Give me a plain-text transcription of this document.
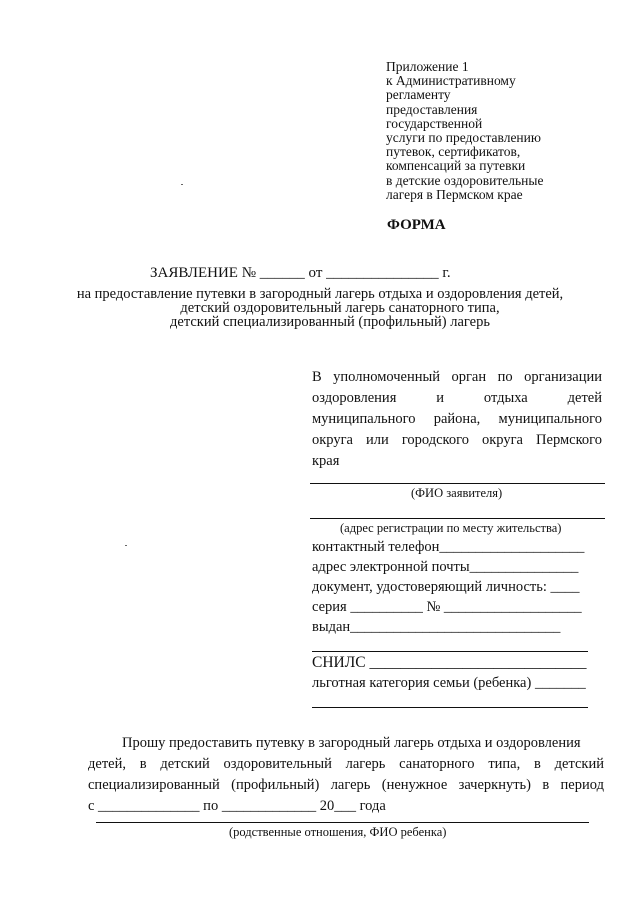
Приложение 1
к Административному
регламенту
предоставления
государственной
услуги по предоставлению
путевок, сертификатов,
компенсаций за путевки
в детские оздоровительные
лагеря в Пермском крае
ФОРМА
ЗАЯВЛЕНИЕ № ______ от _______________ г.
на предоставление путевки в загородный лагерь отдыха и оздоровления детей,
детский оздоровительный лагерь санаторного типа,
детский специализированный (профильный) лагерь
В уполномоченный орган по организации
оздоровления	и	отдыха	детей
муниципального района, муниципального
округа или городского округа Пермского
края
(ФИО заявителя)
(адрес регистрации по месту жительства)
контактный телефон____________________
адрес электронной почты_______________
документ, удостоверяющий личность: ____
серия __________ № ___________________
выдан_____________________________
СНИЛС ____________________________
льготная категория семьи (ребенка) _______
Прошу предоставить путевку в загородный лагерь отдыха и оздоровления
детей, в детский оздоровительный лагерь санаторного типа, в детский
специализированный (профильный) лагерь (ненужное зачеркнуть) в период
с ______________ по _____________ 20___ года
(родственные отношения, ФИО ребенка)
